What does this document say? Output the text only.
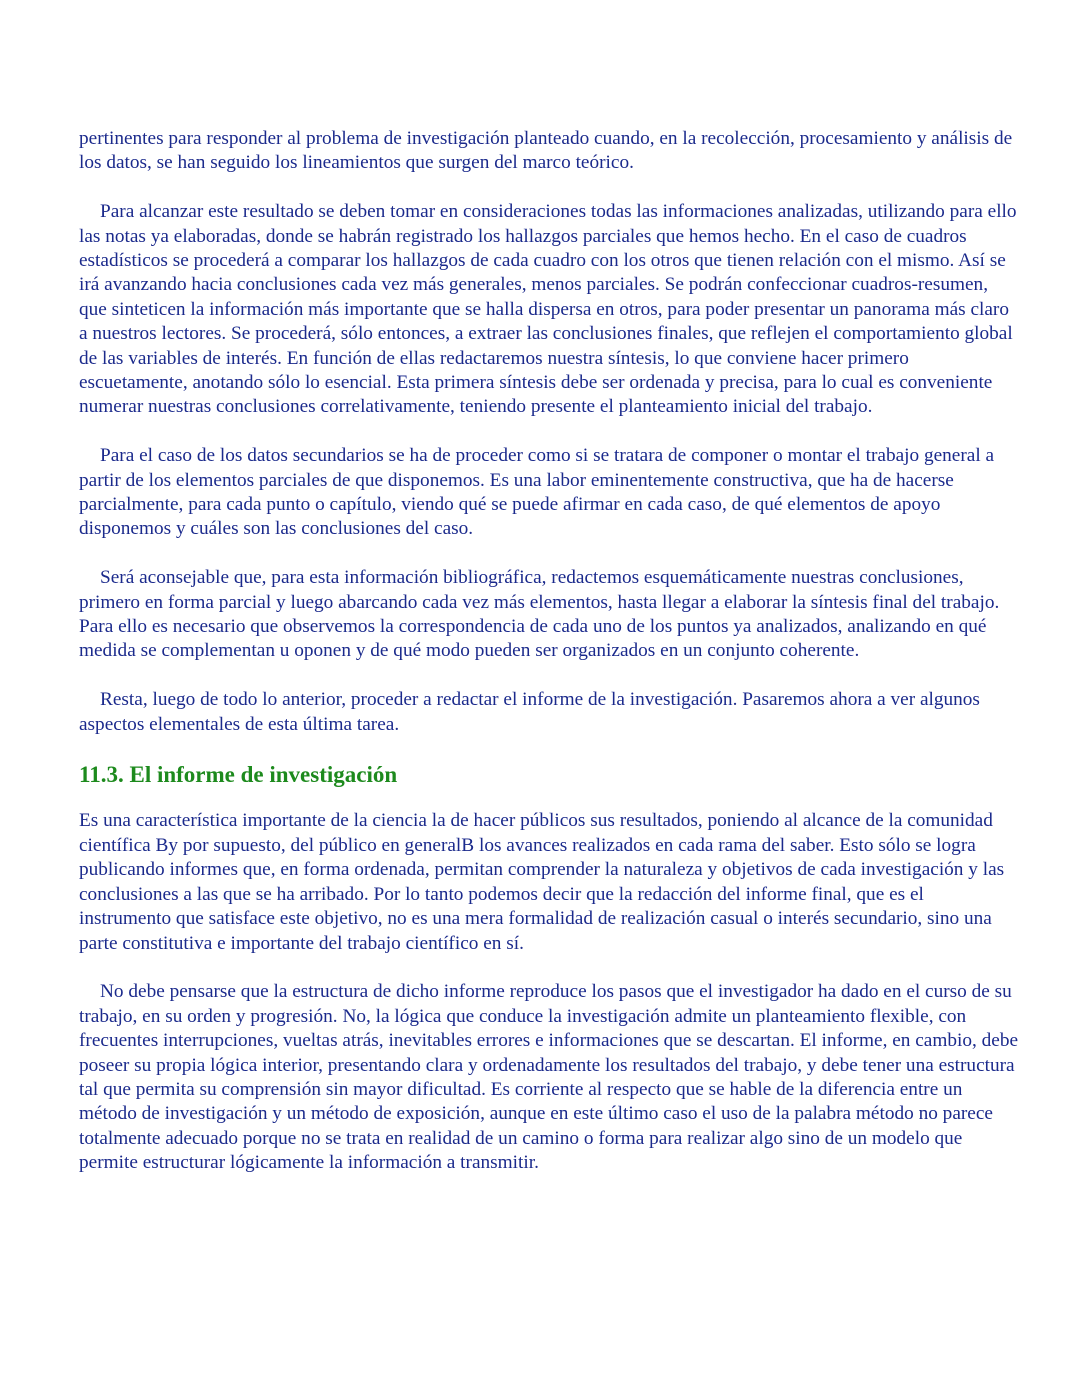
pertinentes para responder al problema de investigación planteado cuando, en la recolección, procesamiento y análisis de los datos, se han seguido los lineamientos que surgen del marco teórico.

Para alcanzar este resultado se deben tomar en consideraciones todas las informaciones analizadas, utilizando para ello las notas ya elaboradas, donde se habrán registrado los hallazgos parciales que hemos hecho. En el caso de cuadros estadísticos se procederá a comparar los hallazgos de cada cuadro con los otros que tienen relación con el mismo. Así se irá avanzando hacia conclusiones cada vez más generales, menos parciales. Se podrán confeccionar cuadros-resumen, que sinteticen la información más importante que se halla dispersa en otros, para poder presentar un panorama más claro a nuestros lectores. Se procederá, sólo entonces, a extraer las conclusiones finales, que reflejen el comportamiento global de las variables de interés. En función de ellas redactaremos nuestra síntesis, lo que conviene hacer primero escuetamente, anotando sólo lo esencial. Esta primera síntesis debe ser ordenada y precisa, para lo cual es conveniente numerar nuestras conclusiones correlativamente, teniendo presente el planteamiento inicial del trabajo.

Para el caso de los datos secundarios se ha de proceder como si se tratara de componer o montar el trabajo general a partir de los elementos parciales de que disponemos. Es una labor eminentemente constructiva, que ha de hacerse parcialmente, para cada punto o capítulo, viendo qué se puede afirmar en cada caso, de qué elementos de apoyo disponemos y cuáles son las conclusiones del caso.

Será aconsejable que, para esta información bibliográfica, redactemos esquemáticamente nuestras conclusiones, primero en forma parcial y luego abarcando cada vez más elementos, hasta llegar a elaborar la síntesis final del trabajo. Para ello es necesario que observemos la correspondencia de cada uno de los puntos ya analizados, analizando en qué medida se complementan u oponen y de qué modo pueden ser organizados en un conjunto coherente.

Resta, luego de todo lo anterior, proceder a redactar el informe de la investigación. Pasaremos ahora a ver algunos aspectos elementales de esta última tarea.

11.3. El informe de investigación

Es una característica importante de la ciencia la de hacer públicos sus resultados, poniendo al alcance de la comunidad científica By por supuesto, del público en generalB los avances realizados en cada rama del saber. Esto sólo se logra publicando informes que, en forma ordenada, permitan comprender la naturaleza y objetivos de cada investigación y las conclusiones a las que se ha arribado. Por lo tanto podemos decir que la redacción del informe final, que es el instrumento que satisface este objetivo, no es una mera formalidad de realización casual o interés secundario, sino una parte constitutiva e importante del trabajo científico en sí.

No debe pensarse que la estructura de dicho informe reproduce los pasos que el investigador ha dado en el curso de su trabajo, en su orden y progresión. No, la lógica que conduce la investigación admite un planteamiento flexible, con frecuentes interrupciones, vueltas atrás, inevitables errores e informaciones que se descartan. El informe, en cambio, debe poseer su propia lógica interior, presentando clara y ordenadamente los resultados del trabajo, y debe tener una estructura tal que permita su comprensión sin mayor dificultad. Es corriente al respecto que se hable de la diferencia entre un método de investigación y un método de exposición, aunque en este último caso el uso de la palabra método no parece totalmente adecuado porque no se trata en realidad de un camino o forma para realizar algo sino de un modelo que permite estructurar lógicamente la información a transmitir.
